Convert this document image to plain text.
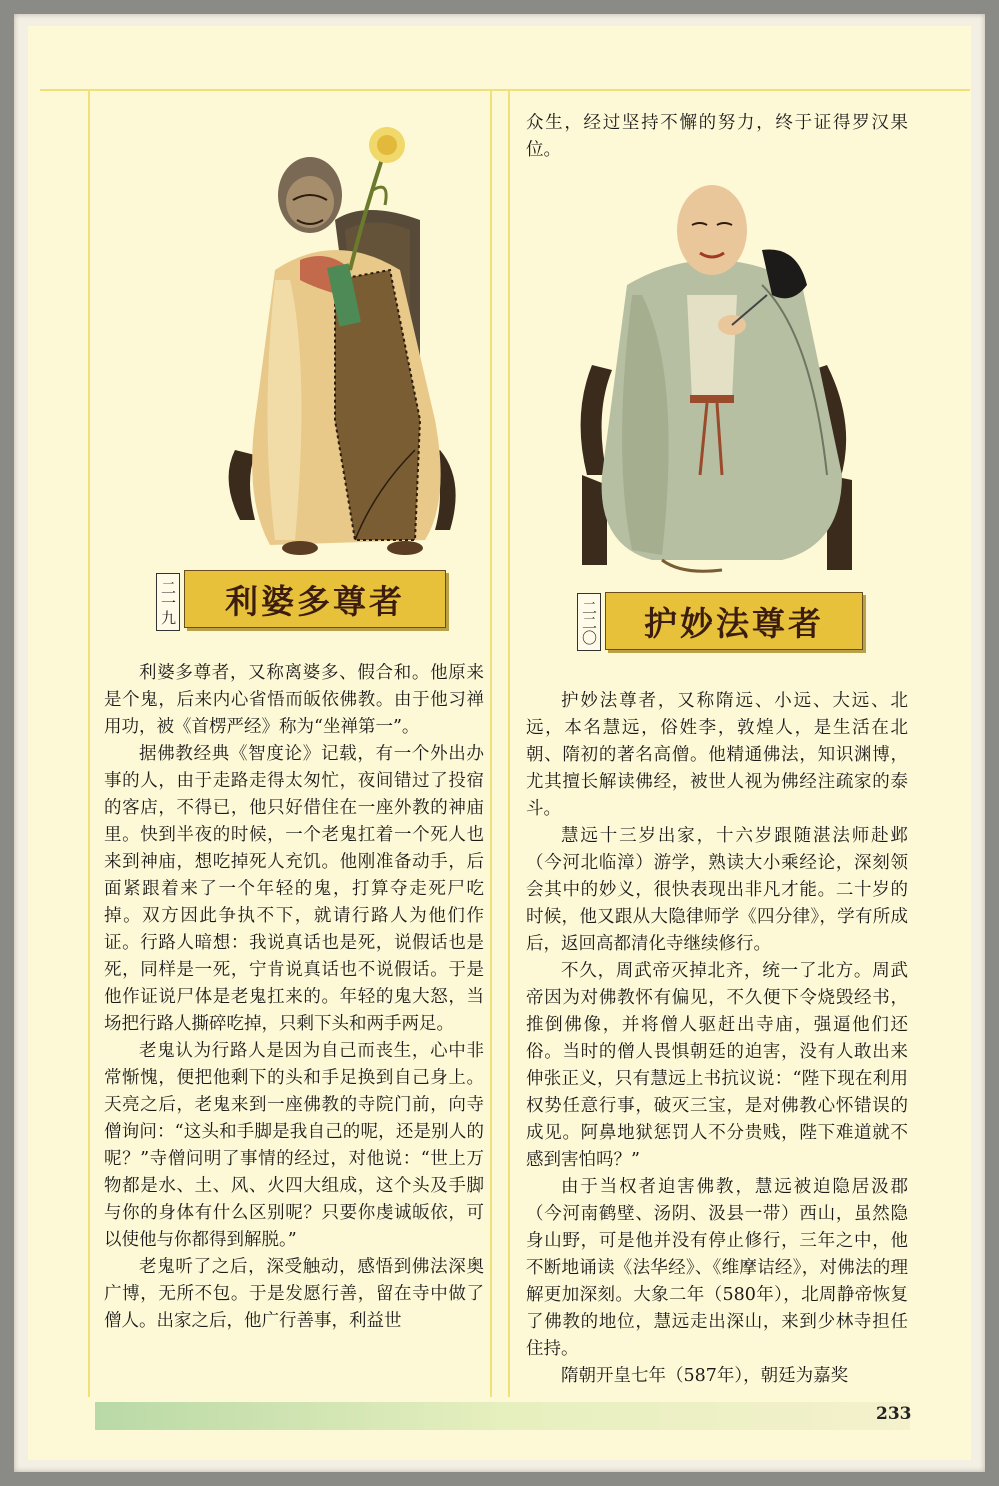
二一九 利婆多尊者	二二〇 护妙法尊者

利婆多尊者，又称离婆多、假合和。他原来是个鬼，后来内心省悟而皈依佛教。由于他习禅用功，被《首楞严经》称为“坐禅第一”。

据佛教经典《智度论》记载，有一个外出办事的人，由于走路走得太匆忙，夜间错过了投宿的客店，不得已，他只好借住在一座外教的神庙里。快到半夜的时候，一个老鬼扛着一个死人也来到神庙，想吃掉死人充饥。他刚准备动手，后面紧跟着来了一个年轻的鬼，打算夺走死尸吃掉。双方因此争执不下，就请行路人为他们作证。行路人暗想：我说真话也是死，说假话也是死，同样是一死，宁肯说真话也不说假话。于是他作证说尸体是老鬼扛来的。年轻的鬼大怒，当场把行路人撕碎吃掉，只剩下头和两手两足。

老鬼认为行路人是因为自己而丧生，心中非常惭愧，便把他剩下的头和手足换到自己身上。天亮之后，老鬼来到一座佛教的寺院门前，向寺僧询问：“这头和手脚是我自己的呢，还是别人的呢？”寺僧问明了事情的经过，对他说：“世上万物都是水、土、风、火四大组成，这个头及手脚与你的身体有什么区别呢？只要你虔诚皈依，可以使他与你都得到解脱。”

老鬼听了之后，深受触动，感悟到佛法深奥广博，无所不包。于是发愿行善，留在寺中做了僧人。出家之后，他广行善事，利益世

众生，经过坚持不懈的努力，终于证得罗汉果位。

护妙法尊者，又称隋远、小远、大远、北远，本名慧远，俗姓李，敦煌人，是生活在北朝、隋初的著名高僧。他精通佛法，知识渊博，尤其擅长解读佛经，被世人视为佛经注疏家的泰斗。

慧远十三岁出家，十六岁跟随湛法师赴邺（今河北临漳）游学，熟读大小乘经论，深刻领会其中的妙义，很快表现出非凡才能。二十岁的时候，他又跟从大隐律师学《四分律》，学有所成后，返回高都清化寺继续修行。

不久，周武帝灭掉北齐，统一了北方。周武帝因为对佛教怀有偏见，不久便下令烧毁经书，推倒佛像，并将僧人驱赶出寺庙，强逼他们还俗。当时的僧人畏惧朝廷的迫害，没有人敢出来伸张正义，只有慧远上书抗议说：“陛下现在利用权势任意行事，破灭三宝，是对佛教心怀错误的成见。阿鼻地狱惩罚人不分贵贱，陛下难道就不感到害怕吗？”

由于当权者迫害佛教，慧远被迫隐居汲郡（今河南鹤壁、汤阴、汲县一带）西山，虽然隐身山野，可是他并没有停止修行，三年之中，他不断地诵读《法华经》、《维摩诘经》，对佛法的理解更加深刻。大象二年（580年），北周静帝恢复了佛教的地位，慧远走出深山，来到少林寺担任住持。

隋朝开皇七年（587年），朝廷为嘉奖

233
